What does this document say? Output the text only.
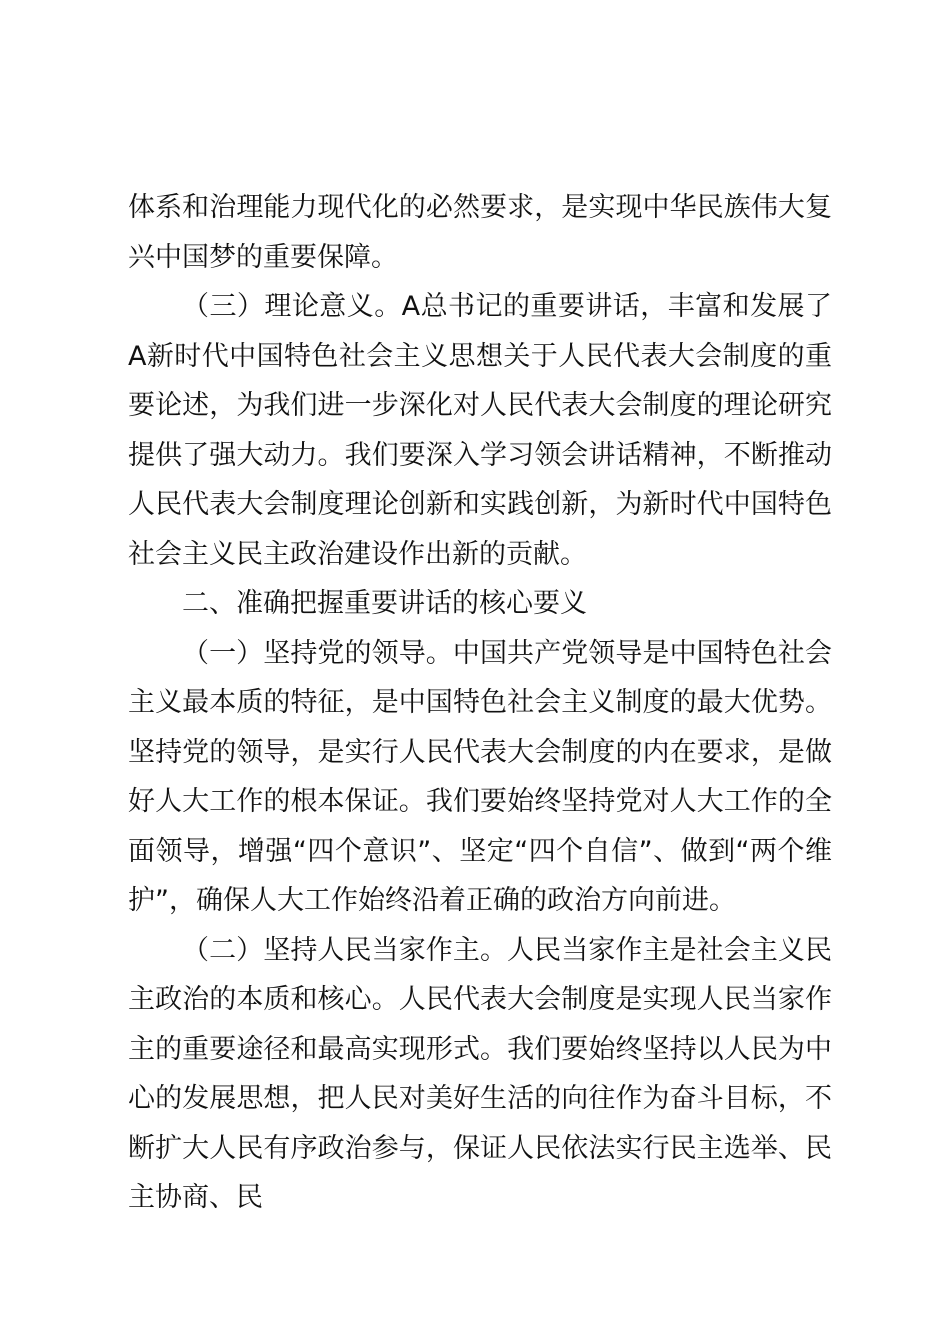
体系和治理能力现代化的必然要求，是实现中华民族伟大复兴中国梦的重要保障。

（三）理论意义。A总书记的重要讲话，丰富和发展了A新时代中国特色社会主义思想关于人民代表大会制度的重要论述，为我们进一步深化对人民代表大会制度的理论研究提供了强大动力。我们要深入学习领会讲话精神，不断推动人民代表大会制度理论创新和实践创新，为新时代中国特色社会主义民主政治建设作出新的贡献。

二、准确把握重要讲话的核心要义

（一）坚持党的领导。中国共产党领导是中国特色社会主义最本质的特征，是中国特色社会主义制度的最大优势。坚持党的领导，是实行人民代表大会制度的内在要求，是做好人大工作的根本保证。我们要始终坚持党对人大工作的全面领导，增强“四个意识”、坚定“四个自信”、做到“两个维护”，确保人大工作始终沿着正确的政治方向前进。

（二）坚持人民当家作主。人民当家作主是社会主义民主政治的本质和核心。人民代表大会制度是实现人民当家作主的重要途径和最高实现形式。我们要始终坚持以人民为中心的发展思想，把人民对美好生活的向往作为奋斗目标，不断扩大人民有序政治参与，保证人民依法实行民主选举、民主协商、民
